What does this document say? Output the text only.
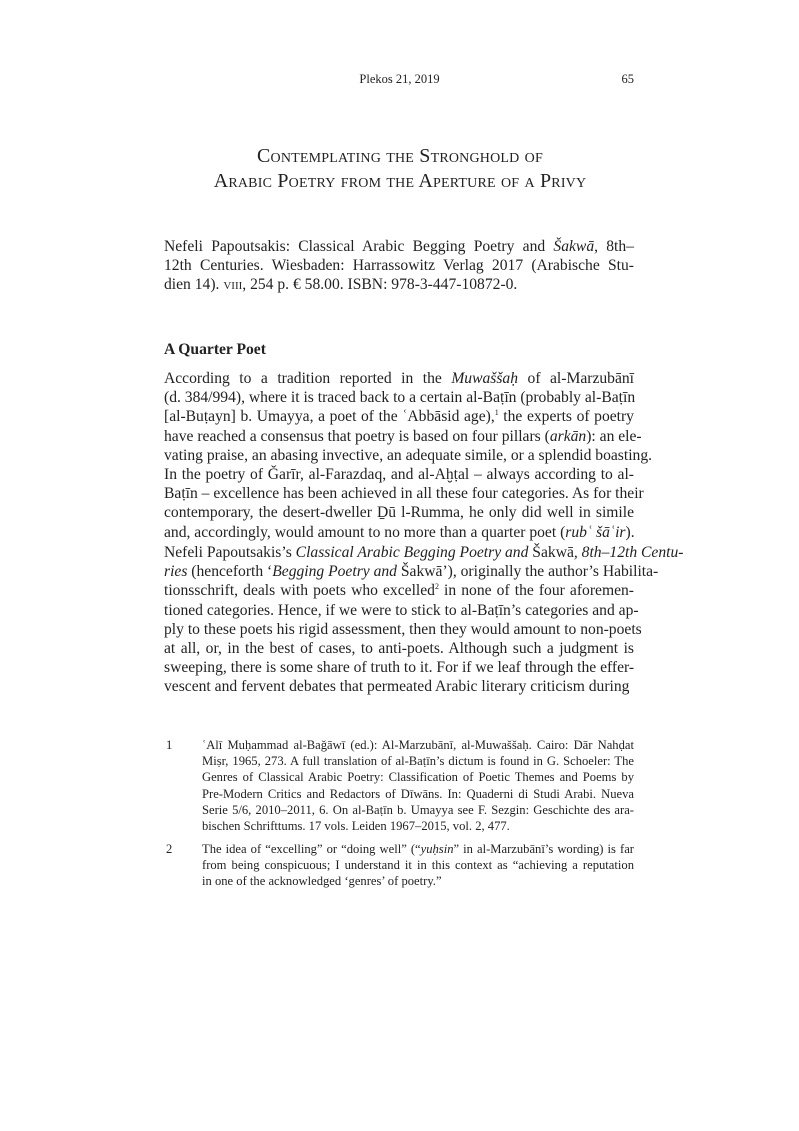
Plekos 21, 2019	65
Contemplating the Stronghold of
Arabic Poetry from the Aperture of a Privy
Nefeli Papoutsakis: Classical Arabic Begging Poetry and Šakwā, 8th–
12th Centuries. Wiesbaden: Harrassowitz Verlag 2017 (Arabische Stu-
dien 14). viii, 254 p. € 58.00. ISBN: 978-3-447-10872-0.
A Quarter Poet
According to a tradition reported in the Muwaššaḥ of al-Marzubānī
(d. 384/994), where it is traced back to a certain al-Baṭīn (probably al-Baṭīn
[al-Buṭayn] b. Umayya, a poet of the ʿAbbāsid age),$^1$ the experts of poetry
have reached a consensus that poetry is based on four pillars (arkān): an ele-
vating praise, an abasing invective, an adequate simile, or a splendid boasting.
In the poetry of Ǧarīr, al-Farazdaq, and al-Aḫṭal – always according to al-
Baṭīn – excellence has been achieved in all these four categories. As for their
contemporary, the desert-dweller Ḏū l-Rumma, he only did well in simile
and, accordingly, would amount to no more than a quarter poet (rubʿ šāʿir).
Nefeli Papoutsakis’s Classical Arabic Begging Poetry and Šakwā, 8th–12th Centu-
ries (henceforth ‘Begging Poetry and Šakwā’), originally the author’s Habilita-
tionsschrift, deals with poets who excelled$^2$ in none of the four aforemen-
tioned categories. Hence, if we were to stick to al-Baṭīn’s categories and ap-
ply to these poets his rigid assessment, then they would amount to non-poets
at all, or, in the best of cases, to anti-poets. Although such a judgment is
sweeping, there is some share of truth to it. For if we leaf through the effer-
vescent and fervent debates that permeated Arabic literary criticism during
1 ʿAlī Muḥammad al-Baǧāwī (ed.): Al-Marzubānī, al-Muwaššaḥ. Cairo: Dār Nahḍat
Miṣr, 1965, 273. A full translation of al-Baṭīn’s dictum is found in G. Schoeler: The
Genres of Classical Arabic Poetry: Classification of Poetic Themes and Poems by
Pre-Modern Critics and Redactors of Dīwāns. In: Quaderni di Studi Arabi. Nueva
Serie 5/6, 2010–2011, 6. On al-Baṭīn b. Umayya see F. Sezgin: Geschichte des ara-
bischen Schrifttums. 17 vols. Leiden 1967–2015, vol. 2, 477.
2 The idea of “excelling” or “doing well” (“yuḥsin” in al-Marzubānī’s wording) is far
from being conspicuous; I understand it in this context as “achieving a reputation
in one of the acknowledged ‘genres’ of poetry.”
